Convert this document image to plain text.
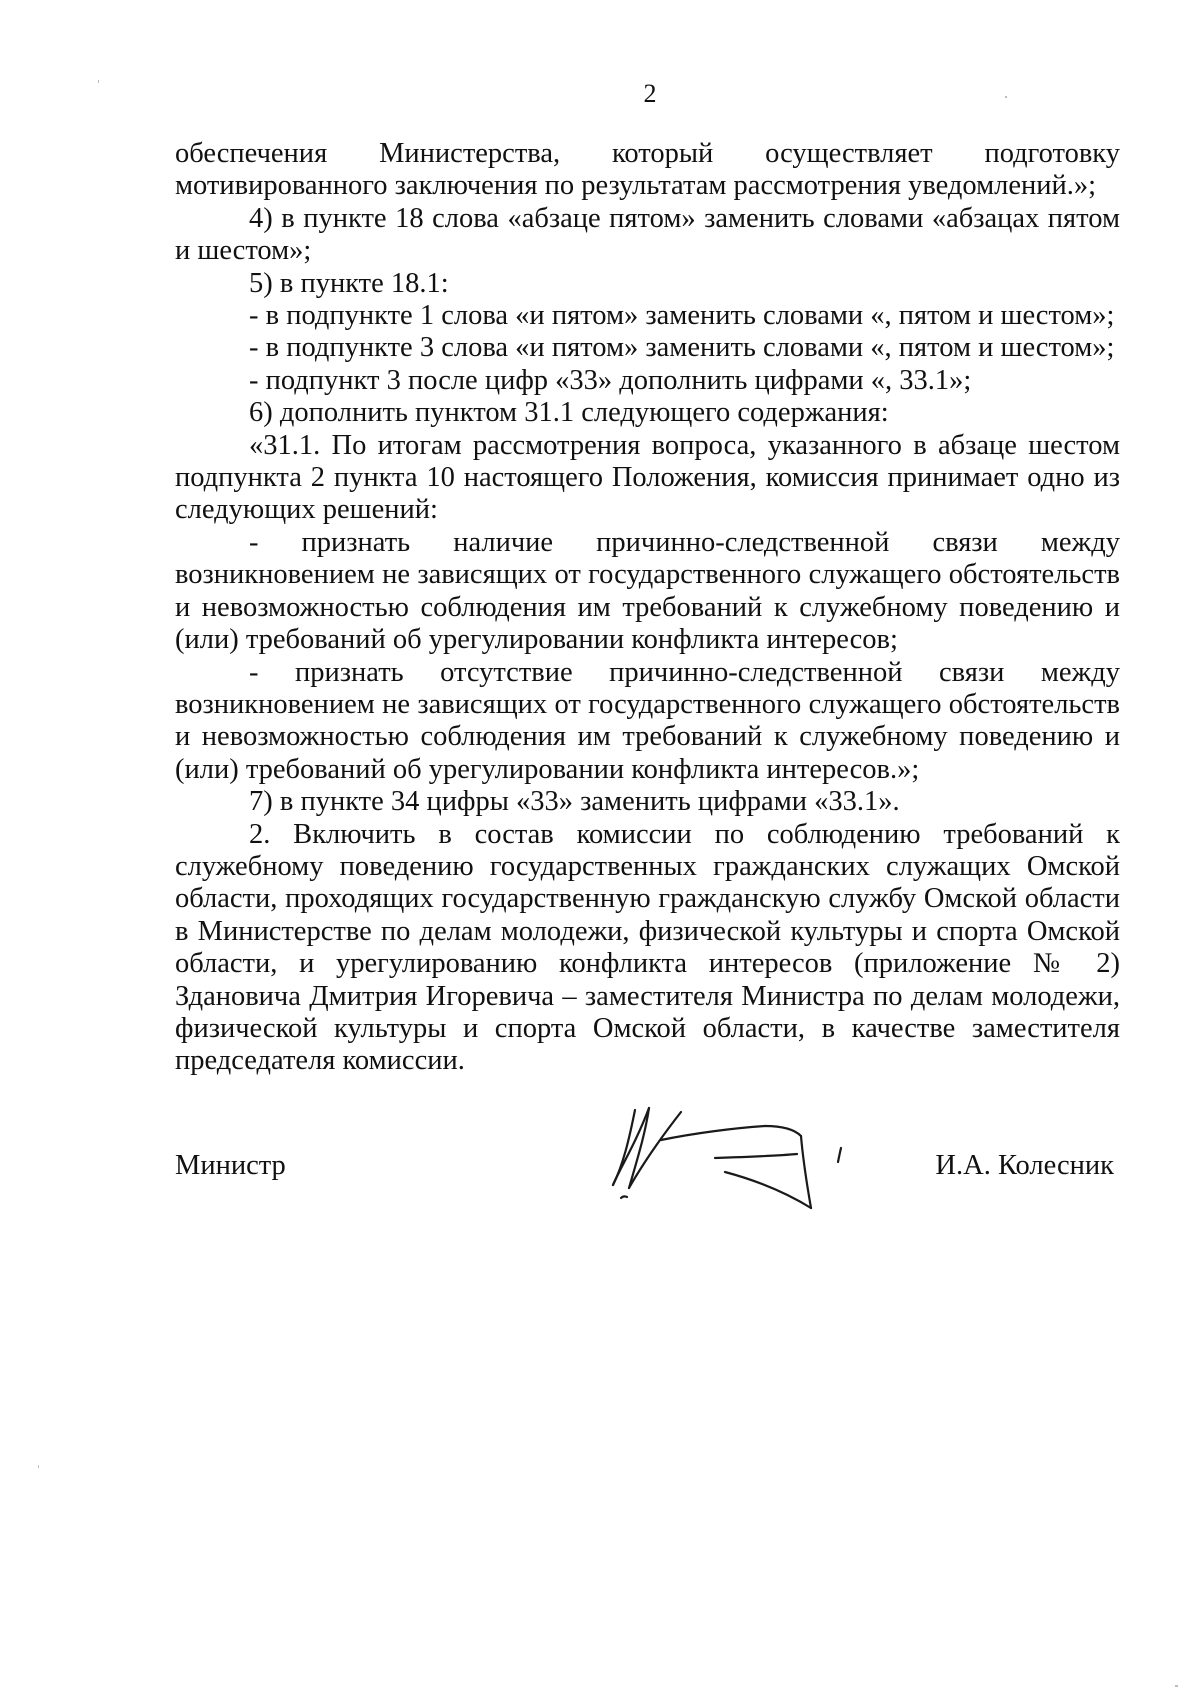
2

обеспечения Министерства, который осуществляет подготовку мотивированного заключения по результатам рассмотрения уведомлений.»;

4) в пункте 18 слова «абзаце пятом» заменить словами «абзацах пятом и шестом»;

5) в пункте 18.1:

- в подпункте 1 слова «и пятом» заменить словами «, пятом и шестом»;

- в подпункте 3 слова «и пятом» заменить словами «, пятом и шестом»;

- подпункт 3 после цифр «33» дополнить цифрами «, 33.1»;

6) дополнить пунктом 31.1 следующего содержания:

«31.1. По итогам рассмотрения вопроса, указанного в абзаце шестом подпункта 2 пункта 10 настоящего Положения, комиссия принимает одно из следующих решений:

- признать наличие причинно-следственной связи между возникновением не зависящих от государственного служащего обстоятельств и невозможностью соблюдения им требований к служебному поведению и (или) требований об урегулировании конфликта интересов;

- признать отсутствие причинно-следственной связи между возникновением не зависящих от государственного служащего обстоятельств и невозможностью соблюдения им требований к служебному поведению и (или) требований об урегулировании конфликта интересов.»;

7) в пункте 34 цифры «33» заменить цифрами «33.1».

2. Включить в состав комиссии по соблюдению требований к служебному поведению государственных гражданских служащих Омской области, проходящих государственную гражданскую службу Омской области в Министерстве по делам молодежи, физической культуры и спорта Омской области, и урегулированию конфликта интересов (приложение № 2) Здановича Дмитрия Игоревича – заместителя Министра по делам молодежи, физической культуры и спорта Омской области, в качестве заместителя председателя комиссии.

Министр	И.А. Колесник
